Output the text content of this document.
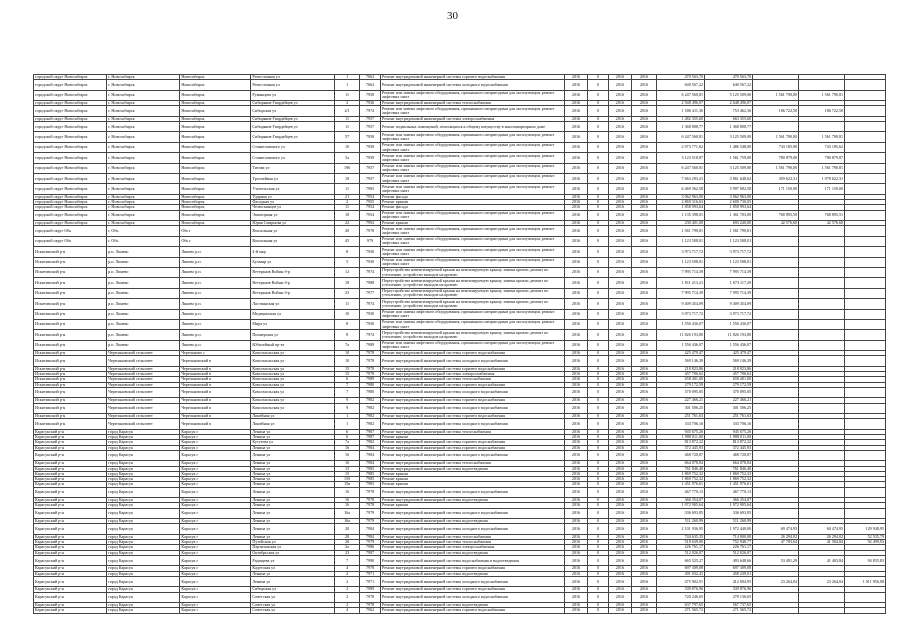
30
городской округ Новосибирск	г. Новосибирск	Новосибирск	Ремесленная ул	1	7662	Ремонт внутридомовой инженерной системы горячего водоснабжения	2016	0	2016	2016	470 563,70	470 563,70			
городской округ Новосибирск	г. Новосибирск	Новосибирск	Ремесленная ул	1	7662	Ремонт внутридомовой инженерной системы холодного водоснабжения	2016	0	2016	2016	640 567,22	640 567,22			
городской округ Новосибирск	г. Новосибирск	Новосибирск	Румянцева ул	11	7958	Ремонт или замена лифтового оборудования, признанного непригодным для эксплуатации, ремонт лифтовых шахт	2016	0	2016	2016	6 247 560,81	5 125 509,00	1 561 790,00	1 561 790,81	
городской округ Новосибирск	г. Новосибирск	Новосибирск	Сибиряков-Гвардейцев ул	2	7936	Ремонт внутридомовой инженерной системы теплоснабжения	2016	0	2016	2016	2 948 496,07	2 648 496,07			
городской округ Новосибирск	г. Новосибирск	Новосибирск	Сибирская ул	2/1	7974	Ремонт или замена лифтового оборудования, признанного непригодным для эксплуатации, ремонт лифтовых шахт	2016	0	2016	2016	1 506 411,36	753 462,36	186 722,50	186 722,50	
городской округ Новосибирск	г. Новосибирск	Новосибирск	Сибиряков-Гвардейцев ул	11	7957	Ремонт внутридомовой инженерной системы электроснабжения	2016	0	2016	2016	1 482 355,60	663 355,60			
городской округ Новосибирск	г. Новосибирск	Новосибирск	Сибиряков-Гвардейцев ул	11	7957	Ремонт подвальных помещений, относящихся к общему имуществу в многоквартирном доме	2016	0	2016	2016	1 368 808,77	1 368 808,77			
городской округ Новосибирск	г. Новосибирск	Новосибирск	Сибиряков-Гвардейцев ул	57	7958	Ремонт или замена лифтового оборудования, признанного непригодным для эксплуатации, ремонт лифтовых шахт	2016	0	2016	2016	6 247 560,81	3 125 509,00	1 561 790,00	1 561 790,81	
городской округ Новосибирск	г. Новосибирск	Новосибирск	Станиславского ул	10	7958	Ремонт или замена лифтового оборудования, признанного непригодным для эксплуатации, ремонт лифтовых шахт	2016	0	2016	2016	2 973 771,62	1 486 548,00	743 185,00	743 185,62	
городской округ Новосибирск	г. Новосибирск	Новосибирск	Станиславского ул	5а	7959	Ремонт или замена лифтового оборудования, признанного непригодным для эксплуатации, ремонт лифтовых шахт	2016	0	2016	2016	3 123 518,87	1 561 759,00	780 879,00	780 879,87	
городской округ Новосибирск	г. Новосибирск	Новосибирск	Титова ул	196	7957	Ремонт или замена лифтового оборудования, признанного непригодным для эксплуатации, ремонт лифтовых шахт	2016	0	2016	2016	6 247 560,81	3 125 509,00	1 561 790,00	1 561 790,81	
городской округ Новосибирск	г. Новосибирск	Новосибирск	Троллейная ул	18	7957	Ремонт или замена лифтового оборудования, признанного непригодным для эксплуатации, ремонт лифтовых шахт	2016	0	2016	2016	7 663 293,21	3 861 648,62	459 622,31	1 978 622,31	
городской округ Новосибирск	г. Новосибирск	Новосибирск	Учительская ул	11	7985	Ремонт или замена лифтового оборудования, признанного непригодным для эксплуатации, ремонт лифтовых шахт	2016	0	2016	2016	6 469 362,58	5 997 082,58	171 150,00	171 150,00	
городской округ Новосибирск	г. Новосибирск	Новосибирск	Ударная ул	21	7954	Ремонт фасада	2016	0	2016	2016	3 062 963,00	3 062 963,00			
городской округ Новосибирск	г. Новосибирск	Новосибирск	Фасадная ул	2	7955	Ремонт крыши	2016	0	2016	2016	2 869 316,63	2 609 730,05			
городской округ Новосибирск	г. Новосибирск	Новосибирск	Челюскинцев ул	11	7954	Ремонт фасада	2016	0	2016	2016	1 858 993,64	1 858 993,64			
городской округ Новосибирск	г. Новосибирск	Новосибирск	Экваторная ул	18	7954	Ремонт или замена лифтового оборудования, признанного непригодным для эксплуатации, ремонт лифтовых шахт	2016	0	2016	2016	1 135 398,01	1 361 703,00	768 895,50	768 895,51	
городской округ Новосибирск	г. Новосибирск	Новосибирск	Юрия Смирнова ул	22	7992	Ремонт крыши	2016	0	2016	2016	230 401,00	693 240,00	42 576,60	42 576,60	
городской округ Обь	г. Обь	Обь г	Вокзальная ул	20	7978	Ремонт или замена лифтового оборудования, признанного непригодным для эксплуатации, ремонт лифтовых шахт	2016	0	2016	2016	1 561 790,81	1 561 790,81			
городской округ Обь	г. Обь	Обь г	Вокзальная ул	45	979	Ремонт или замена лифтового оборудования, признанного непригодным для эксплуатации, ремонт лифтовых шахт	2016	0	2016	2016	1 123 508,01	1 123 508,01			
Искитимский р-н	р.п. Линево	Линево р.п.	4-й мкр	8	7930	Ремонт или замена лифтового оборудования, признанного непригодным для эксплуатации, ремонт лифтовых шахт	2016	0	2016	2016	3 973 717,72	3 973 717,72			
Искитимский р-н	р.п. Линево	Линево р.п.	Бульвар ул	5	7930	Ремонт или замена лифтового оборудования, признанного непригодным для эксплуатации, ремонт лифтовых шахт	2016	0	2016	2016	1 123 508,01	1 123 508,01			
Искитимский р-н	р.п. Линево	Линево р.п.	Ветеранов Войны б-р	12	7974	Переустройство невентилируемой крыши на вентилируемую крышу, замена кровли, ремонт по утеплению, устройство выходов на кровлю	2016	0	2016	2016	7 995 714,39	7 995 714,39			
Искитимский р-н	р.п. Линево	Линево р.п.	Ветеранов Войны б-р	18	7988	Переустройство невентилируемой крыши на вентилируемую крышу, замена кровли, ремонт по утеплению, устройство выходов на кровлю	2016	0	2016	2016	1 811 213,21	1 673 117,29			
Искитимский р-н	р.п. Линево	Линево р.п.	Ветеранов Войны б-р	23	7977	Переустройство невентилируемой крыши на вентилируемую крышу, замена кровли, ремонт по утеплению, устройство выходов на кровлю	2016	0	2016	2016	7 995 714,39	7 995 714,39			
Искитимский р-н	р.п. Линево	Линево р.п.	Листвянская ул	11	7974	Переустройство невентилируемой крыши на вентилируемую крышу, замена кровли, ремонт по утеплению, устройство выходов на кровлю	2016	0	2016	2016	9 409 454,09	9 409 454,09			
Искитимский р-н	р.п. Линево	Линево р.п.	Медицинская ул	10	7930	Ремонт или замена лифтового оборудования, признанного непригодным для эксплуатации, ремонт лифтовых шахт	2016	0	2016	2016	3 973 717,72	3 973 717,72			
Искитимский р-н	р.п. Линево	Линево р.п.	Мира ул	8	7930	Ремонт или замена лифтового оборудования, признанного непригодным для эксплуатации, ремонт лифтовых шахт	2016	0	2016	2016	1 556 436,07	1 556 436,07			
Искитимский р-н	р.п. Линево	Линево р.п.	Пионерская ул	8	7974	Переустройство невентилируемой крыши на вентилируемую крышу, замена кровли, ремонт по утеплению, устройство выходов на кровлю	2016	0	2016	2016	11 826 193,80	11 826 193,80			
Искитимский р-н	р.п. Линево	Линево р.п.	Юбилейный пр-кт	7а	7989	Ремонт или замена лифтового оборудования, признанного непригодным для эксплуатации, ремонт лифтовых шахт	2016	0	2016	2016	1 556 436,07	1 556 436,07			
Искитимский р-н	Черепановский сельсовет	Черепаново с	Комсомольская ул	10	7978	Ремонт внутридомовой инженерной системы горячего водоснабжения	2016	0	2016	2016	425 479,47	425 479,47			
Искитимский р-н	Черепановский сельсовет	Черепановский п	Комсомольская ул	10	7978	Ремонт внутридомовой инженерной системы холодного водоснабжения	2016	0	2016	2016	569 146,39	569 146,39			
Искитимский р-н	Черепановский сельсовет	Черепановский п	Комсомольская ул	15	7978	Ремонт внутридомовой инженерной системы горячего водоснабжения	2016	0	2016	2016	218 823,86	218 823,86			
Искитимский р-н	Черепановский сельсовет	Черепановский п	Комсомольская ул	15	7978	Ремонт внутридомовой инженерной системы электроснабжения	2016	0	2016	2016	457 706,62	457 706,62			
Искитимский р-н	Черепановский сельсовет	Черепановский п	Комсомольская ул	6	7989	Ремонт внутридомовой инженерной системы теплоснабжения	2016	0	2016	2016	658 401,00	658 401,00			
Искитимский р-н	Черепановский сельсовет	Черепановский п	Комсомольская ул	7	7980	Ремонт внутридомовой инженерной системы горячего водоснабжения	2016	0	2016	2016	279 172,59	279 172,59			
Искитимский р-н	Черепановский сельсовет	Черепановский п	Комсомольская ул	7	7980	Ремонт внутридомовой инженерной системы холодного водоснабжения	2016	0	2016	2016	370 095,05	370 095,05			
Искитимский р-н	Черепановский сельсовет	Черепановский п	Комсомольская ул	9	7982	Ремонт внутридомовой инженерной системы горячего водоснабжения	2016	0	2016	2016	227 466,21	227 466,21			
Искитимский р-н	Черепановский сельсовет	Черепановский п	Комсомольская ул	9	7982	Ремонт внутридомовой инженерной системы холодного водоснабжения	2016	0	2016	2016	301 506,25	301 506,25			
Искитимский р-н	Черепановский сельсовет	Черепановский п	Линейная ул	1	7982	Ремонт внутридомовой инженерной системы горячего водоснабжения	2016	0	2016	2016	251 761,63	251 761,63			
Искитимский р-н	Черепановский сельсовет	Черепановский п	Линейная ул	1	7982	Ремонт внутридомовой инженерной системы холодного водоснабжения	2016	0	2016	2016	333 706,16	333 706,16			
Карасукский р-н	город Карасук	Карасук г	Ленина ул	6	7987	Ремонт внутридомовой инженерной системы теплоснабжения	2016	0	2016	2016	945 675,26	945 675,26			
Карасукский р-н	город Карасук	Карасук г	Ленина ул	6	7987	Ремонт крыши	2016	0	2016	2016	1 988 011,00	1 988 011,00			
Карасукский р-н	город Карасук	Карасук г	Кутузова ул	7а	7982	Ремонт внутридомовой инженерной системы горячего водоснабжения	2016	0	2016	2016	813 872,22	813 872,22			
Карасукский р-н	город Карасук	Карасук г	Ленина ул	16	7984	Ремонт внутридомовой инженерной системы горячего водоснабжения	2016	0	2016	2016	372 445,93	372 445,93			
Карасукский р-н	город Карасук	Карасук г	Ленина ул	16	7984	Ремонт внутридомовой инженерной системы холодного водоснабжения	2016	0	2016	2016	468 720,87	468 720,87			
Карасукский р-н	город Карасук	Карасук г	Ленина ул	16	7984	Ремонт внутридомовой инженерной системы теплоснабжения	2016	0	2016	2016	664 078,84	664 078,84			
Карасукский р-н	город Карасук	Карасук г	Ленина ул	15	7985	Ремонт внутридомовой инженерной системы водоотведения	2016	0	2016	2016	761 846,40	761 846,40			
Карасукский р-н	город Карасук	Карасук г	Ленина ул	15	7985	Ремонт крыши	2016	0	2016	2016	1 869 752,32	1 869 752,32			
Карасукский р-н	город Карасук	Карасук г	Ленина ул	15б	7985	Ремонт крыши	2016	0	2016	2016	1 869 752,32	1 869 752,32			
Карасукский р-н	город Карасук	Карасук г	Ленина ул	15в	7985	Ремонт крыши	2016	0	2016	2016	1 451 976,61	1 451 976,61			
Карасукский р-н	город Карасук	Карасук г	Ленина ул	16	7978	Ремонт внутридомовой инженерной системы холодного водоснабжения	2016	0	2016	2016	467 770,13	467 770,13			
Карасукский р-н	город Карасук	Карасук г	Ленина ул	16	7978	Ремонт внутридомовой инженерной системы водоотведения	2016	0	2016	2016	366 354,07	366 354,07			
Карасукский р-н	город Карасук	Карасук г	Ленина ул	16	7978	Ремонт крыши	2016	0	2016	2016	1 972 905,64	1 972 905,64			
Карасукский р-н	город Карасук	Карасук г	Ленина ул	16а	7979	Ремонт внутридомовой инженерной системы холодного водоснабжения	2016	0	2016	2016	336 693,85	336 693,85			
Карасукский р-н	город Карасук	Карасук г	Ленина ул	16а	7979	Ремонт внутридомовой инженерной системы водоотведения	2016	0	2016	2016	511 260,99	511 260,99			
Карасукский р-н	город Карасук	Карасук г	Ленина ул	20	7984	Ремонт внутридомовой инженерной системы холодного водоснабжения	2016	0	2016	2016	2 101 936,95	1 972 440,00	69 474,95	60 474,95	129 948,95
Карасукский р-н	город Карасук	Карасук г	Ленина ул	20	7984	Ремонт внутридомовой инженерной системы теплоснабжения	2016	0	2016	2016	744 635,35	714 000,00	26 294,02	26 294,02	52 535,79
Карасукский р-н	город Карасук	Карасук г	Путейская ул	26	7979	Ремонт внутридомовой инженерной системы теплоснабжения	2016	0	2016	2016	518 639,00	752 948,77	47 783,64	41 584,84	92 499,93
Карасукский р-н	город Карасук	Карасук г	Партизанская ул	2а	7986	Ремонт внутридомовой инженерной системы электроснабжения	2016	0	2016	2016	226 761,17	226 761,17			
Карасукский р-н	город Карасук	Карасук г	Октябрьская ул	23	7987	Ремонт внутридомовой инженерной системы водоотведения	2016	0	2016	2016	512 026,07	512 026,07			
Карасукский р-н	город Карасук	Карасук г	Радищева ул	7	7990	Ремонт внутридомовой инженерной системы водоснабжения и водоотведения	2016	0	2016	2016	665 525,27	493 648,66	53 491,29	41 403,84	94 835,83
Карасукский р-н	город Карасук	Карасук г	Кадетская ул	4	7978	Ремонт внутридомовой инженерной системы горячего водоснабжения	2016	0	2016	2016	697 309,08	697 309,08			
Карасукский р-н	город Карасук	Карасук г	Ленина ул	2	7971	Ремонт внутридомовой инженерной системы водоотведения	2016	0	2016	2016	491 032,41	458 239,01			
Карасукский р-н	город Карасук	Карасук г	Ленина ул	2	7971	Ремонт внутридомовой инженерной системы холодного водоснабжения	2016	0	2016	2016	475 902,91	412 004,95	23 264,04	23 264,04	1 011 956,08
Карасукский р-н	город Карасук	Карасук г	Сибирская ул	2	7989	Ремонт внутридомовой инженерной системы горячего водоснабжения	2016	0	2016	2016	339 876,96	339 876,96			
Карасукский р-н	город Карасук	Карасук г	Советская ул	2	7978	Ремонт внутридомовой инженерной системы холодного водоснабжения	2016	0	2016	2016	720 246,65	278 136,65			
Карасукский р-н	город Карасук	Карасук г	Советская ул	2	7978	Ремонт внутридомовой инженерной системы водоотведения	2016	0	2016	2016	637 797,65	567 737,65			
Карасукский р-н	город Карасук	Карасук г	Советская ул	4	7962	Ремонт внутридомовой инженерной системы горячего водоснабжения	2016	0	2016	2016	271 565,72	271 565,72			
